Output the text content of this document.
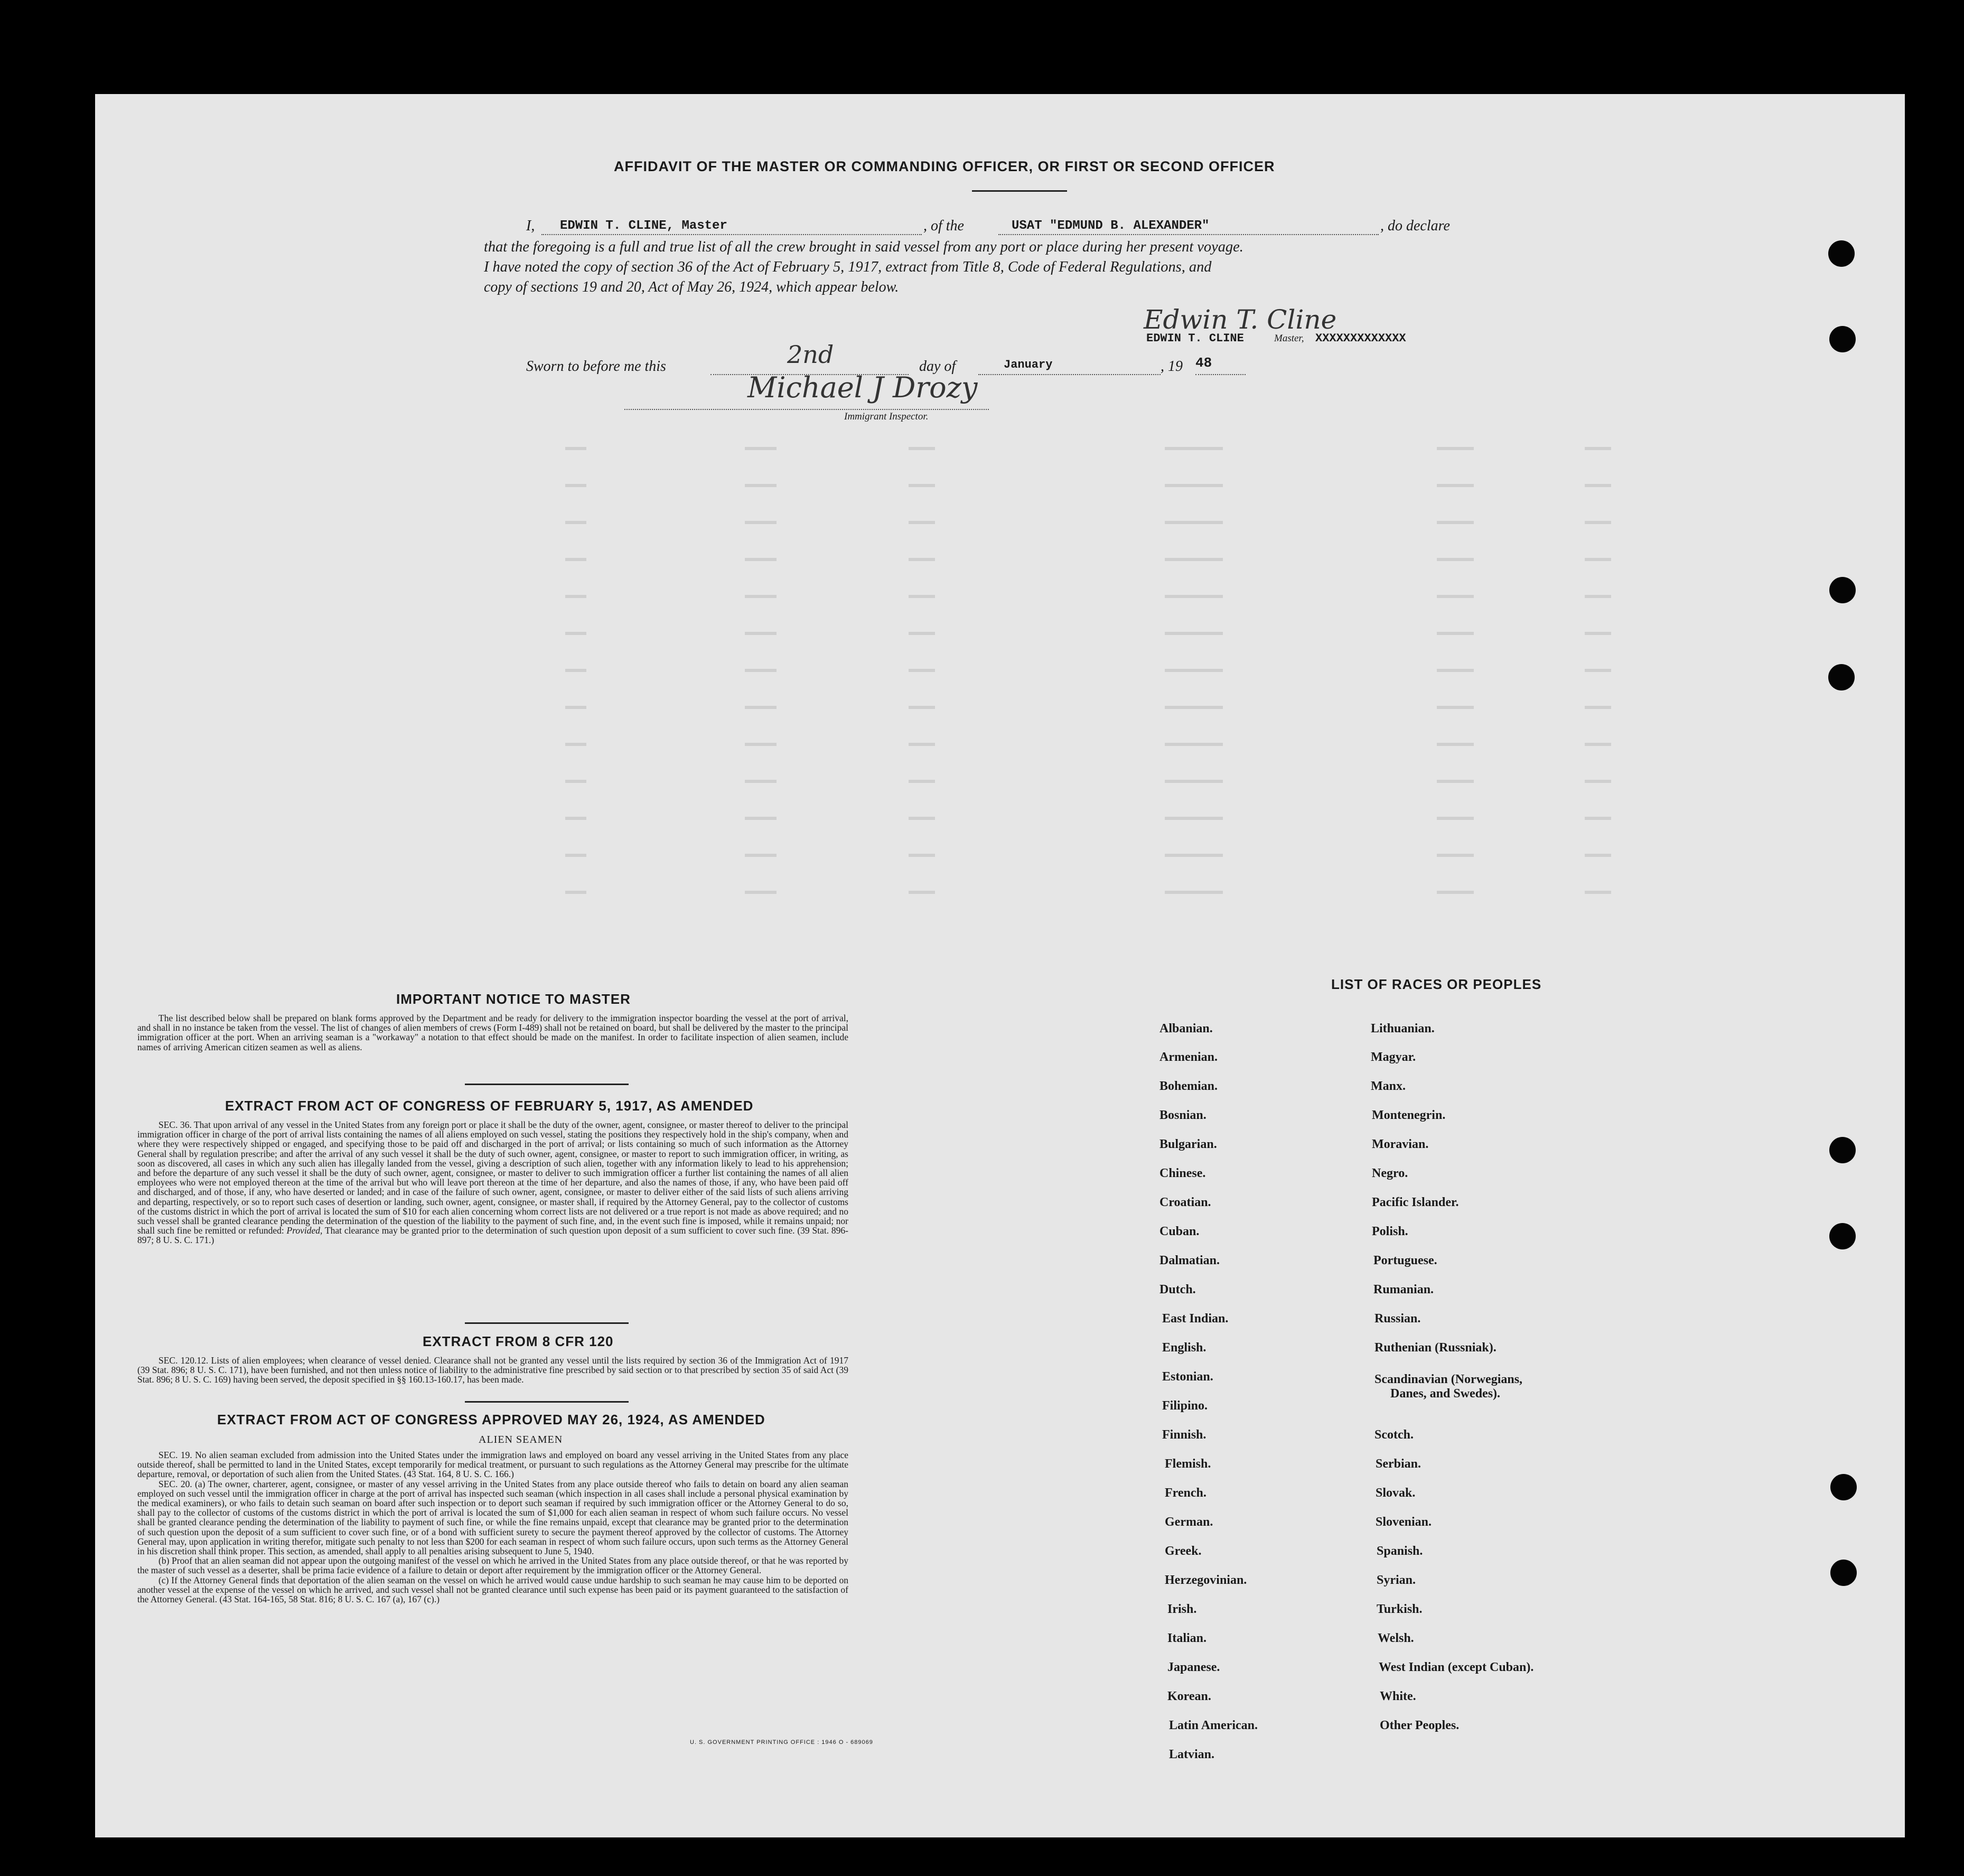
AFFIDAVIT OF THE MASTER OR COMMANDING OFFICER, OR FIRST OR SECOND OFFICER
I, EDWIN T. CLINE, Master	, of the	USAT "EDMUND B. ALEXANDER"	, do declare
that the foregoing is a full and true list of all the crew brought in said vessel from any port or place during her present voyage.
I have noted the copy of section 36 of the Act of February 5, 1917, extract from Title 8, Code of Federal Regulations, and
copy of sections 19 and 20, Act of May 26, 1924, which appear below.
Edwin T. Cline
EDWIN T. CLINE	Master, XXXXXXXXXXXXX
Sworn to before me this	2nd	day of	January	, 19 48
Michael J Drozy
Immigrant Inspector.
IMPORTANT NOTICE TO MASTER
The list described below shall be prepared on blank forms approved by the Department and be ready for delivery to the immigration inspector boarding the vessel at the port of arrival, and shall in no instance be taken from the vessel. The list of changes of alien members of crews (Form I-489) shall not be retained on board, but shall be delivered by the master to the principal immigration officer at the port. When an arriving seaman is a "workaway" a notation to that effect should be made on the manifest. In order to facilitate inspection of alien seamen, include names of arriving American citizen seamen as well as aliens.
EXTRACT FROM ACT OF CONGRESS OF FEBRUARY 5, 1917, AS AMENDED
SEC. 36. That upon arrival of any vessel in the United States from any foreign port or place it shall be the duty of the owner, agent, consignee, or master thereof to deliver to the principal immigration officer in charge of the port of arrival lists containing the names of all aliens employed on such vessel, stating the positions they respectively hold in the ship's company, when and where they were respectively shipped or engaged, and specifying those to be paid off and discharged in the port of arrival; or lists containing so much of such information as the Attorney General shall by regulation prescribe; and after the arrival of any such vessel it shall be the duty of such owner, agent, consignee, or master to report to such immigration officer, in writing, as soon as discovered, all cases in which any such alien has illegally landed from the vessel, giving a description of such alien, together with any information likely to lead to his apprehension; and before the departure of any such vessel it shall be the duty of such owner, agent, consignee, or master to deliver to such immigration officer a further list containing the names of all alien employees who were not employed thereon at the time of the arrival but who will leave port thereon at the time of her departure, and also the names of those, if any, who have been paid off and discharged, and of those, if any, who have deserted or landed; and in case of the failure of such owner, agent, consignee, or master to deliver either of the said lists of such aliens arriving and departing, respectively, or so to report such cases of desertion or landing, such owner, agent, consignee, or master shall, if required by the Attorney General, pay to the collector of customs of the customs district in which the port of arrival is located the sum of $10 for each alien concerning whom correct lists are not delivered or a true report is not made as above required; and no such vessel shall be granted clearance pending the determination of the question of the liability to the payment of such fine, and, in the event such fine is imposed, while it remains unpaid; nor shall such fine be remitted or refunded: Provided, That clearance may be granted prior to the determination of such question upon deposit of a sum sufficient to cover such fine. (39 Stat. 896-897; 8 U. S. C. 171.)
EXTRACT FROM 8 CFR 120
SEC. 120.12. Lists of alien employees; when clearance of vessel denied. Clearance shall not be granted any vessel until the lists required by section 36 of the Immigration Act of 1917 (39 Stat. 896; 8 U. S. C. 171), have been furnished, and not then unless notice of liability to the administrative fine prescribed by said section or to that prescribed by section 35 of said Act (39 Stat. 896; 8 U. S. C. 169) having been served, the deposit specified in §§ 160.13-160.17, has been made.
EXTRACT FROM ACT OF CONGRESS APPROVED MAY 26, 1924, AS AMENDED
ALIEN SEAMEN
SEC. 19. No alien seaman excluded from admission into the United States under the immigration laws and employed on board any vessel arriving in the United States from any place outside thereof, shall be permitted to land in the United States, except temporarily for medical treatment, or pursuant to such regulations as the Attorney General may prescribe for the ultimate departure, removal, or deportation of such alien from the United States. (43 Stat. 164, 8 U. S. C. 166.)
SEC. 20. (a) The owner, charterer, agent, consignee, or master of any vessel arriving in the United States from any place outside thereof who fails to detain on board any alien seaman employed on such vessel until the immigration officer in charge at the port of arrival has inspected such seaman (which inspection in all cases shall include a personal physical examination by the medical examiners), or who fails to detain such seaman on board after such inspection or to deport such seaman if required by such immigration officer or the Attorney General to do so, shall pay to the collector of customs of the customs district in which the port of arrival is located the sum of $1,000 for each alien seaman in respect of whom such failure occurs. No vessel shall be granted clearance pending the determination of the liability to payment of such fine, or while the fine remains unpaid, except that clearance may be granted prior to the determination of such question upon the deposit of a sum sufficient to cover such fine, or of a bond with sufficient surety to secure the payment thereof approved by the collector of customs. The Attorney General may, upon application in writing therefor, mitigate such penalty to not less than $200 for each seaman in respect of whom such failure occurs, upon such terms as the Attorney General in his discretion shall think proper. This section, as amended, shall apply to all penalties arising subsequent to June 5, 1940.
(b) Proof that an alien seaman did not appear upon the outgoing manifest of the vessel on which he arrived in the United States from any place outside thereof, or that he was reported by the master of such vessel as a deserter, shall be prima facie evidence of a failure to detain or deport after requirement by the immigration officer or the Attorney General.
(c) If the Attorney General finds that deportation of the alien seaman on the vessel on which he arrived would cause undue hardship to such seaman he may cause him to be deported on another vessel at the expense of the vessel on which he arrived, and such vessel shall not be granted clearance until such expense has been paid or its payment guaranteed to the satisfaction of the Attorney General. (43 Stat. 164-165, 58 Stat. 816; 8 U. S. C. 167 (a), 167 (c).)
U. S. GOVERNMENT PRINTING OFFICE : 1946 O - 689069
LIST OF RACES OR PEOPLES
Albanian.
Armenian.
Bohemian.
Bosnian.
Bulgarian.
Chinese.
Croatian.
Cuban.
Dalmatian.
Dutch.
East Indian.
English.
Estonian.
Filipino.
Finnish.
Flemish.
French.
German.
Greek.
Herzegovinian.
Irish.
Italian.
Japanese.
Korean.
Latin American.
Latvian.
Lithuanian.
Magyar.
Manx.
Montenegrin.
Moravian.
Negro.
Pacific Islander.
Polish.
Portuguese.
Rumanian.
Russian.
Ruthenian (Russniak).
Scandinavian (Norwegians,
Danes, and Swedes).
Scotch.
Serbian.
Slovak.
Slovenian.
Spanish.
Syrian.
Turkish.
Welsh.
West Indian (except Cuban).
White.
Other Peoples.
